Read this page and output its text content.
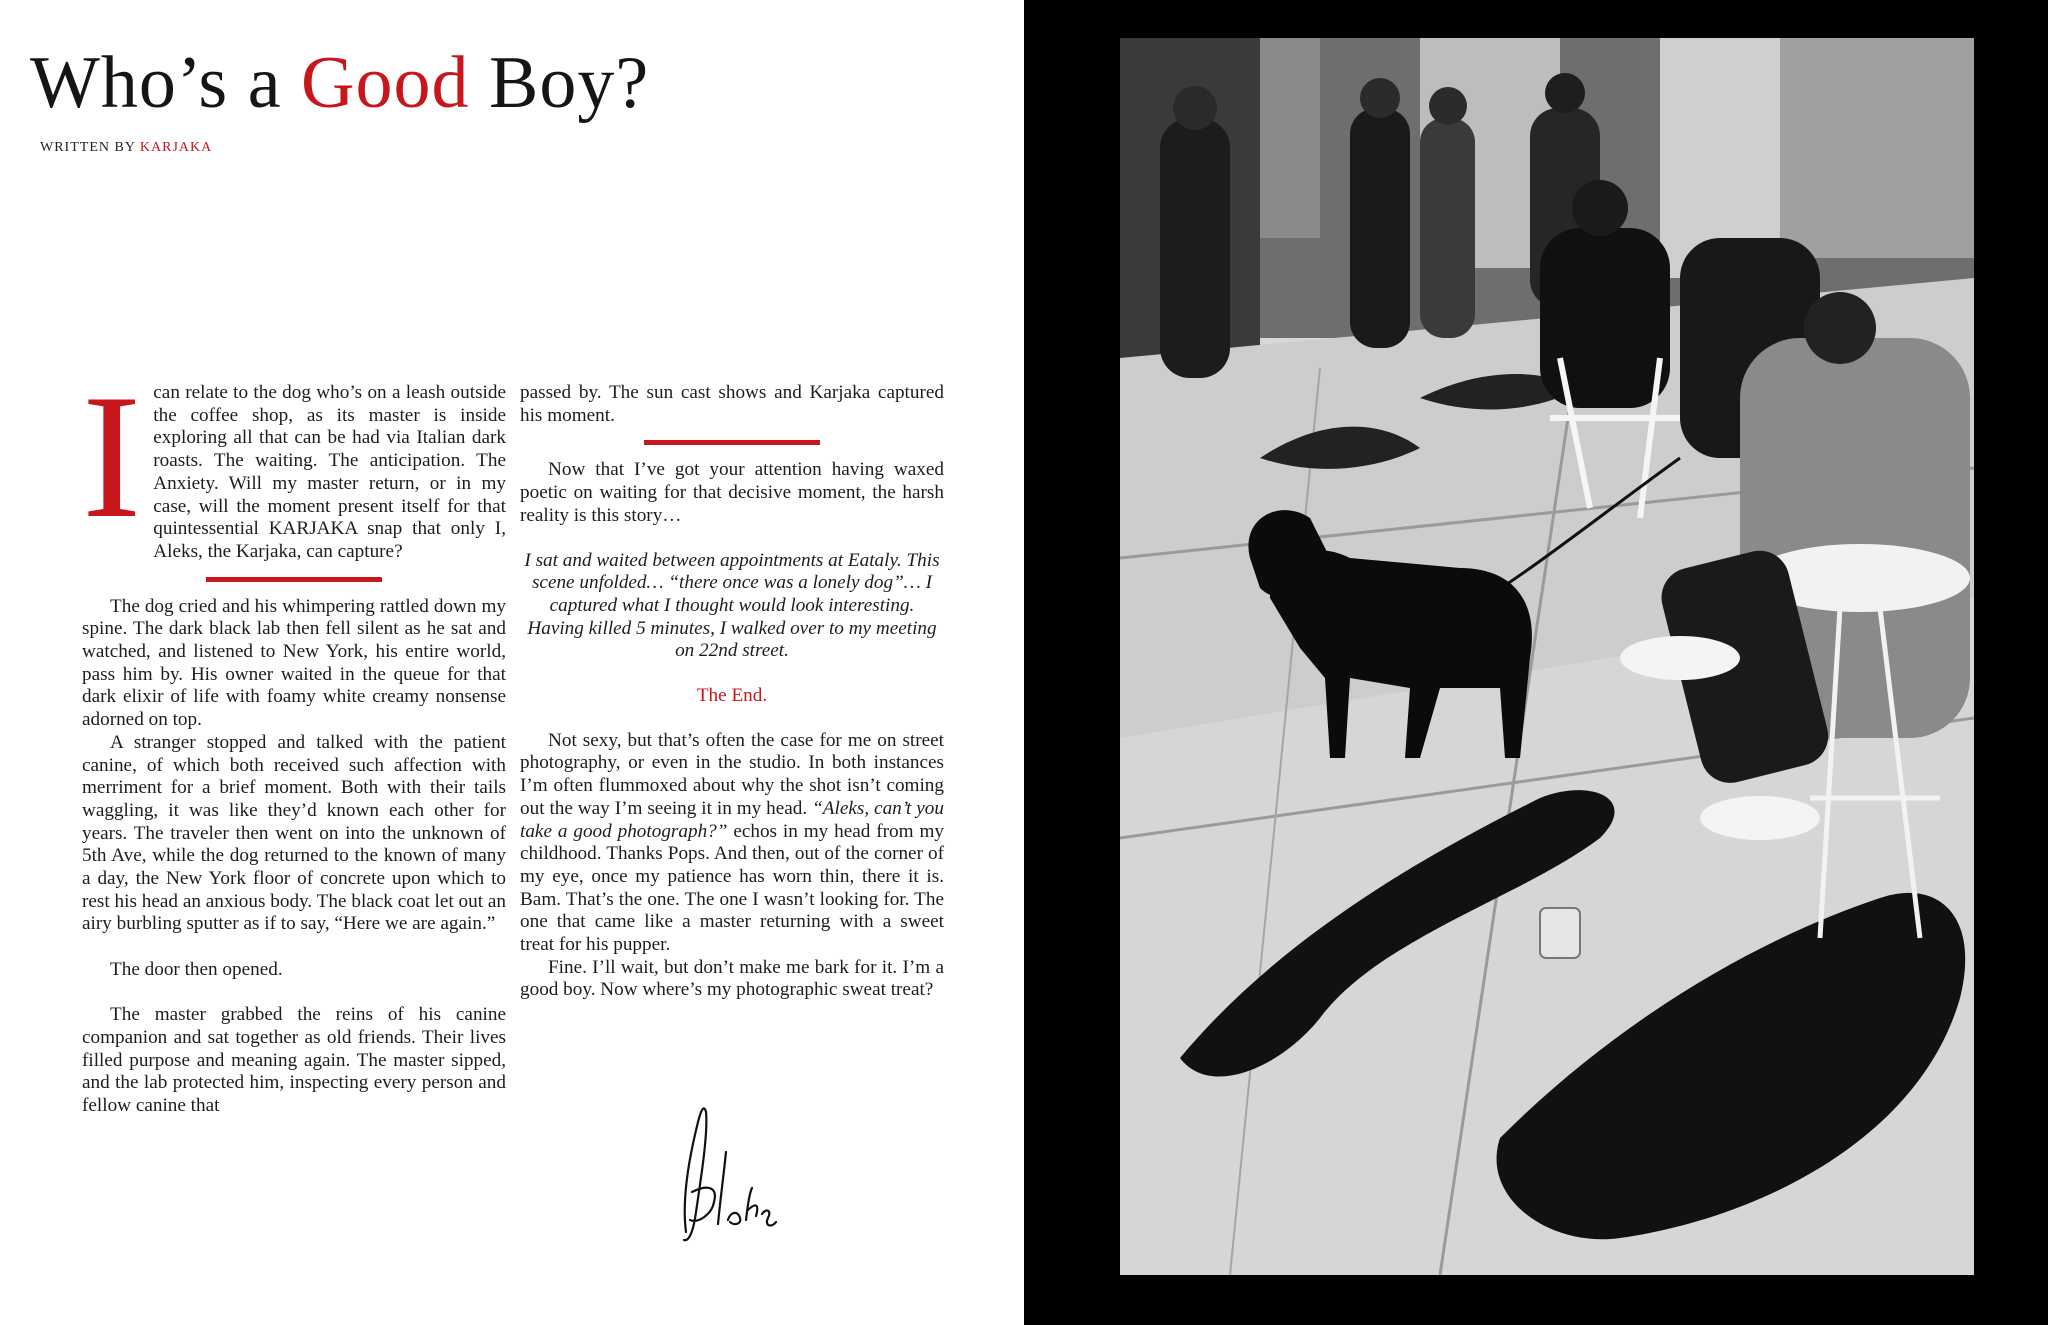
Who’s a Good Boy?
WRITTEN BY KARJAKA

I can relate to the dog who’s on a leash outside the coffee shop, as its master is inside exploring all that can be had via Italian dark roasts. The waiting. The anticipation. The Anxiety. Will my master return, or in my case, will the moment present itself for that quintessential KARJAKA snap that only I, Aleks, the Karjaka, can capture?

The dog cried and his whimpering rattled down my spine. The dark black lab then fell silent as he sat and watched, and listened to New York, his entire world, pass him by. His owner waited in the queue for that dark elixir of life with foamy white creamy nonsense adorned on top.

A stranger stopped and talked with the patient canine, of which both received such affection with merriment for a brief moment. Both with their tails waggling, it was like they’d known each other for years. The traveler then went on into the unknown of 5th Ave, while the dog returned to the known of many a day, the New York floor of concrete upon which to rest his head an anxious body. The black coat let out an airy burbling sputter as if to say, “Here we are again.”

The door then opened.

The master grabbed the reins of his canine companion and sat together as old friends. Their lives filled purpose and meaning again. The master sipped, and the lab protected him, inspecting every person and fellow canine that

passed by. The sun cast shows and Karjaka captured his moment.

Now that I’ve got your attention having waxed poetic on waiting for that decisive moment, the harsh reality is this story…

I sat and waited between appointments at Eataly. This scene unfolded… “there once was a lonely dog”… I captured what I thought would look interesting. Having killed 5 minutes, I walked over to my meeting on 22nd street.

The End.

Not sexy, but that’s often the case for me on street photography, or even in the studio. In both instances I’m often flummoxed about why the shot isn’t coming out the way I’m seeing it in my head. “Aleks, can’t you take a good photograph?” echos in my head from my childhood. Thanks Pops. And then, out of the corner of my eye, once my patience has worn thin, there it is. Bam. That’s the one. The one I wasn’t looking for. The one that came like a master returning with a sweet treat for his pupper.

Fine. I’ll wait, but don’t make me bark for it. I’m a good boy. Now where’s my photographic sweat treat?
